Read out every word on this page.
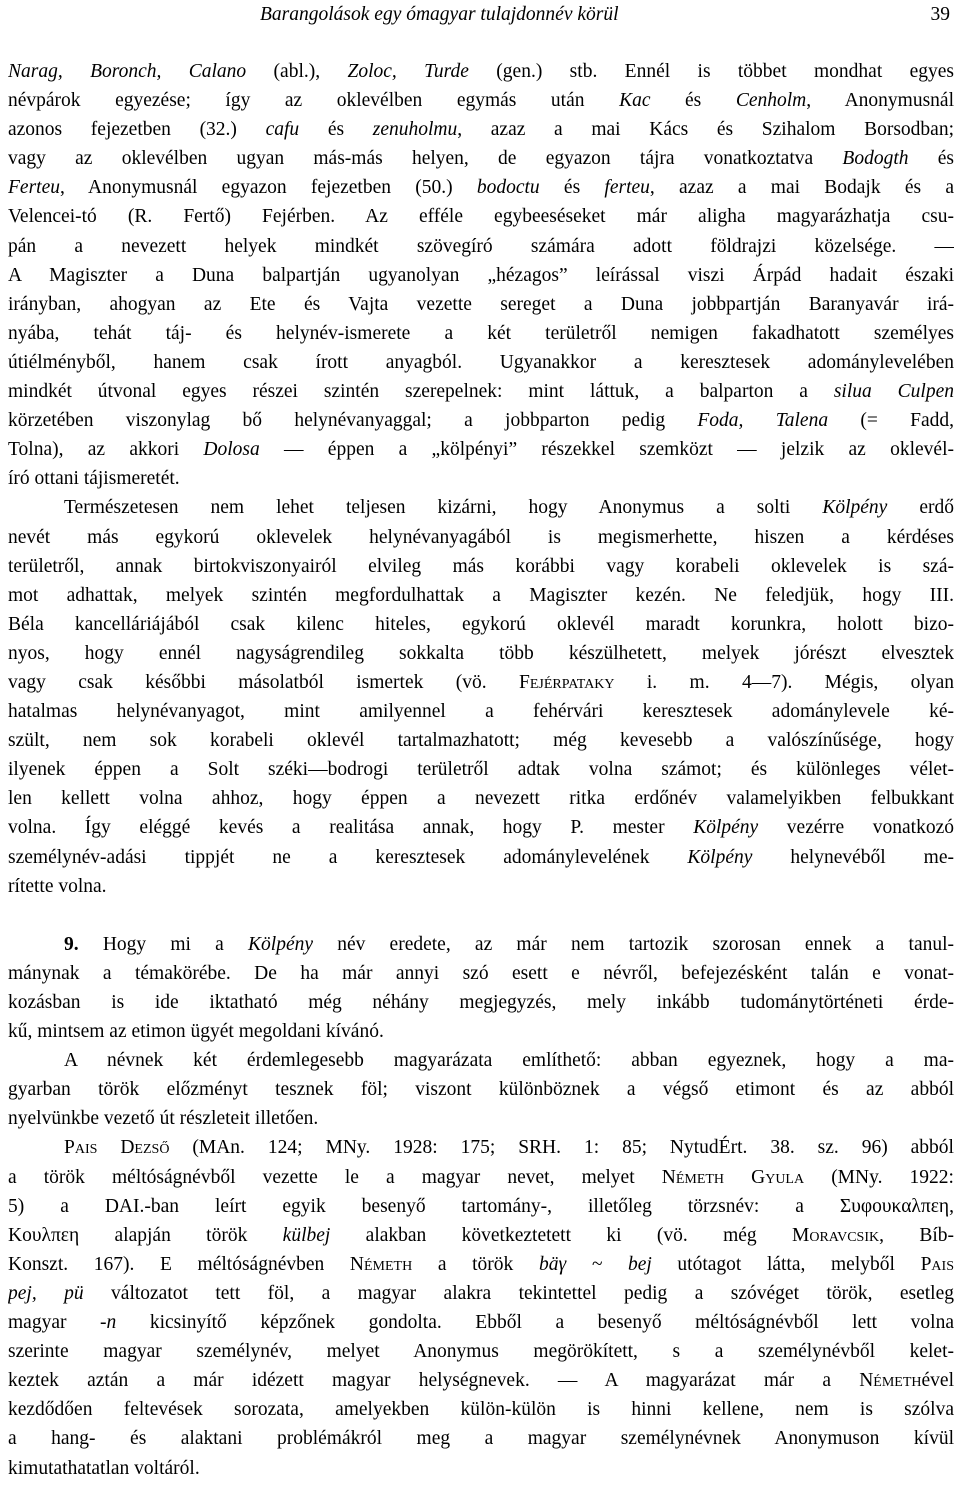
Barangolások egy ómagyar tulajdonnév körül	39
Narag, Boronch, Calano (abl.), Zoloc, Turde (gen.) stb. Ennél is többet mondhat egyes
névpárok egyezése; így az oklevélben egymás után Kac és Cenholm, Anonymusnál
azonos fejezetben (32.) cafu és zenuholmu, azaz a mai Kács és Szihalom Borsodban;
vagy az oklevélben ugyan más-más helyen, de egyazon tájra vonatkoztatva Bodogth és
Ferteu, Anonymusnál egyazon fejezetben (50.) bodoctu és ferteu, azaz a mai Bodajk és a
Velencei-tó (R. Fertő) Fejérben. Az efféle egybeeséseket már aligha magyarázhatja csu-
pán a nevezett helyek mindkét szövegíró számára adott földrajzi közelsége. —
A Magiszter a Duna balpartján ugyanolyan „hézagos” leírással viszi Árpád hadait északi
irányban, ahogyan az Ete és Vajta vezette sereget a Duna jobbpartján Baranyavár irá-
nyába, tehát táj- és helynév-ismerete a két területről nemigen fakadhatott személyes
útiélményből, hanem csak írott anyagból. Ugyanakkor a keresztesek adománylevelében
mindkét útvonal egyes részei szintén szerepelnek: mint láttuk, a balparton a silua Culpen
körzetében viszonylag bő helynévanyaggal; a jobbparton pedig Foda, Talena (= Fadd,
Tolna), az akkori Dolosa — éppen a „kölpényi” részekkel szemközt — jelzik az oklevél-
író ottani tájismeretét.
Természetesen nem lehet teljesen kizárni, hogy Anonymus a solti Kölpény erdő
nevét más egykorú oklevelek helynévanyagából is megismerhette, hiszen a kérdéses
területről, annak birtokviszonyairól elvileg más korábbi vagy korabeli oklevelek is szá-
mot adhattak, melyek szintén megfordulhattak a Magiszter kezén. Ne feledjük, hogy III.
Béla kancelláriájából csak kilenc hiteles, egykorú oklevél maradt korunkra, holott bizo-
nyos, hogy ennél nagyságrendileg sokkalta több készülhetett, melyek jórészt elvesztek
vagy csak későbbi másolatból ismertek (vö. Fejérpataky i. m. 4—7). Mégis, olyan
hatalmas helynévanyagot, mint amilyennel a fehérvári keresztesek adománylevele ké-
szült, nem sok korabeli oklevél tartalmazhatott; még kevesebb a valószínűsége, hogy
ilyenek éppen a Solt széki—bodrogi területről adtak volna számot; és különleges vélet-
len kellett volna ahhoz, hogy éppen a nevezett ritka erdőnév valamelyikben felbukkant
volna. Így eléggé kevés a realitása annak, hogy P. mester Kölpény vezérre vonatkozó
személynév-adási tippjét ne a keresztesek adománylevelének Kölpény helynevéből me-
rítette volna.
9. Hogy mi a Kölpény név eredete, az már nem tartozik szorosan ennek a tanul-
mánynak a témakörébe. De ha már annyi szó esett e névről, befejezésként talán e vonat-
kozásban is ide iktatható még néhány megjegyzés, mely inkább tudománytörténeti érde-
kű, mintsem az etimon ügyét megoldani kívánó.
A névnek két érdemlegesebb magyarázata említhető: abban egyeznek, hogy a ma-
gyarban török előzményt tesznek föl; viszont különböznek a végső etimont és az abból
nyelvünkbe vezető út részleteit illetően.
Pais Dezső (MAn. 124; MNy. 1928: 175; SRH. 1: 85; NytudÉrt. 38. sz. 96) abból
a török méltóságnévből vezette le a magyar nevet, melyet Németh Gyula (MNy. 1922:
5) a DAI.-ban leírt egyik besenyő tartomány-, illetőleg törzsnév: a Συφουκαλπεη,
Κουλπεη alapján török külbej alakban következtetett ki (vö. még Moravcsik, Bíb-
Konszt. 167). E méltóságnévben Németh a török bäγ ~ bej utótagot látta, melyből Pais
pej, pü változatot tett föl, a magyar alakra tekintettel pedig a szóvéget török, esetleg
magyar -n kicsinyítő képzőnek gondolta. Ebből a besenyő méltóságnévből lett volna
szerinte magyar személynév, melyet Anonymus megörökített, s a személynévből kelet-
keztek aztán a már idézett magyar helységnevek. — A magyarázat már a Némethével
kezdődően feltevések sorozata, amelyekben külön-külön is hinni kellene, nem is szólva
a hang- és alaktani problémákról meg a magyar személynévnek Anonymuson kívül
kimutathatatlan voltáról.
